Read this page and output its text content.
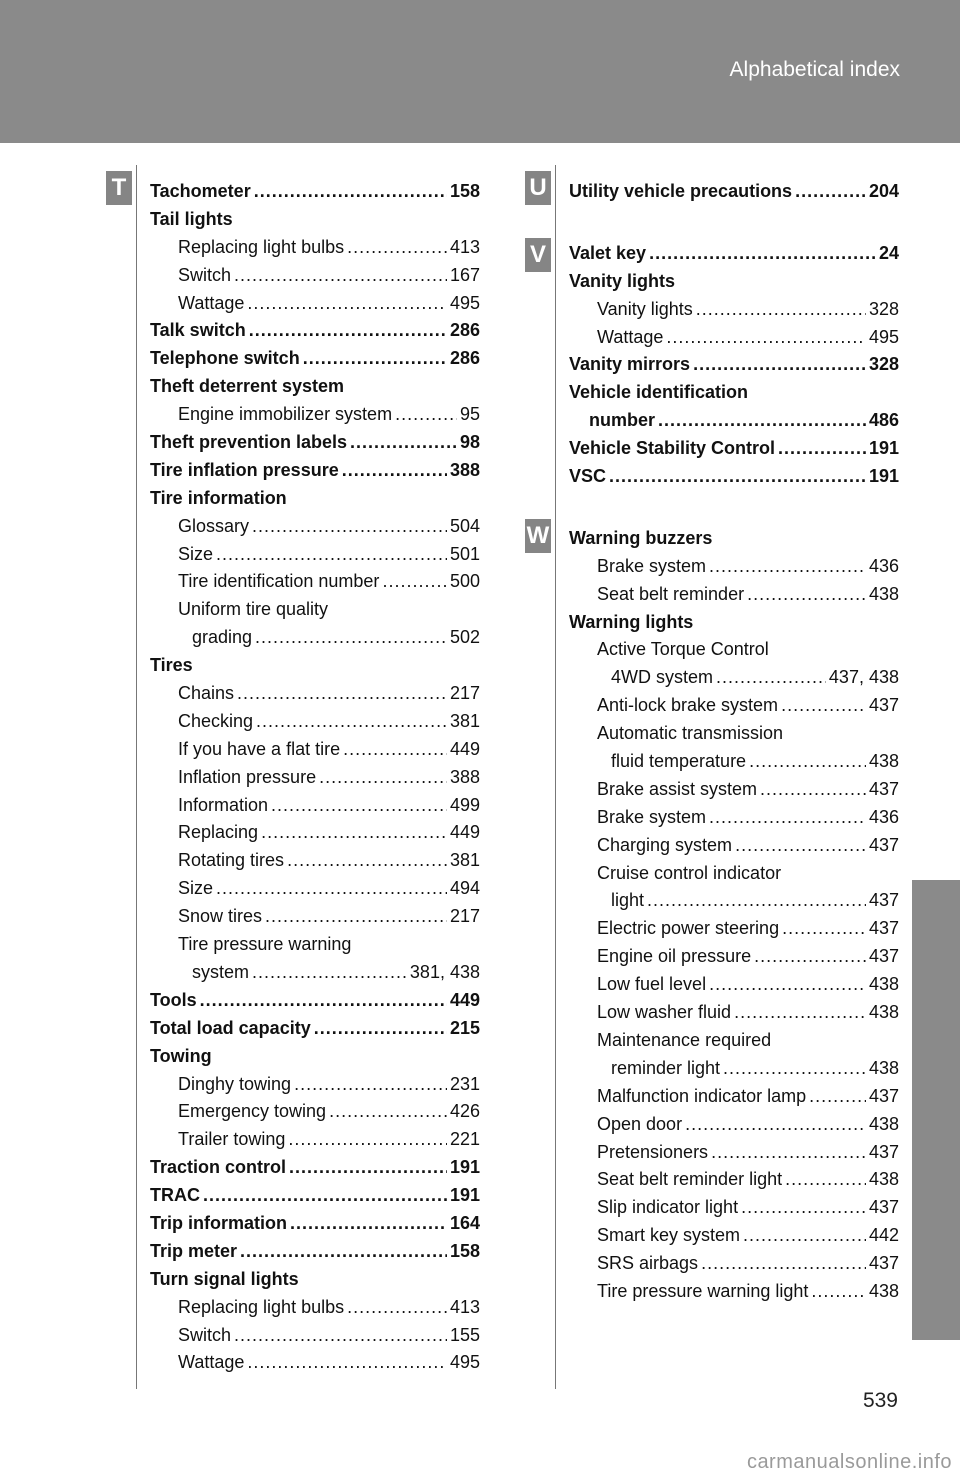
Alphabetical index
T	Tachometer .....	158
Tail lights
Replacing light bulbs .....	413
Switch .....	167
Wattage .....	495
Talk switch .....	286
Telephone switch .....	286
Theft deterrent system
Engine immobilizer system .....	95
Theft prevention labels .....	98
Tire inflation pressure .....	388
Tire information
Glossary .....	504
Size .....	501
Tire identification number .....	500
Uniform tire quality
grading .....	502
Tires
Chains .....	217
Checking .....	381
If you have a flat tire .....	449
Inflation pressure .....	388
Information .....	499
Replacing .....	449
Rotating tires .....	381
Size .....	494
Snow tires .....	217
Tire pressure warning
system .....	381, 438
Tools .....	449
Total load capacity .....	215
Towing
Dinghy towing .....	231
Emergency towing .....	426
Trailer towing .....	221
Traction control .....	191
TRAC .....	191
Trip information .....	164
Trip meter .....	158
Turn signal lights
Replacing light bulbs .....	413
Switch .....	155
Wattage .....	495
U
V
W
Utility vehicle precautions .....	204
Valet key .....	24
Vanity lights
Vanity lights .....	328
Wattage .....	495
Vanity mirrors .....	328
Vehicle identification
number .....	486
Vehicle Stability Control .....	191
VSC .....	191
Warning buzzers
Brake system .....	436
Seat belt reminder .....	438
Warning lights
Active Torque Control
4WD system .....	437, 438
Anti-lock brake system .....	437
Automatic transmission
fluid temperature .....	438
Brake assist system .....	437
Brake system .....	436
Charging system .....	437
Cruise control indicator
light .....	437
Electric power steering .....	437
Engine oil pressure .....	437
Low fuel level .....	438
Low washer fluid .....	438
Maintenance required
reminder light .....	438
Malfunction indicator lamp .....	437
Open door .....	438
Pretensioners .....	437
Seat belt reminder light .....	438
Slip indicator light .....	437
Smart key system .....	442
SRS airbags .....	437
Tire pressure warning light .....	438
539
carmanualsonline.info
